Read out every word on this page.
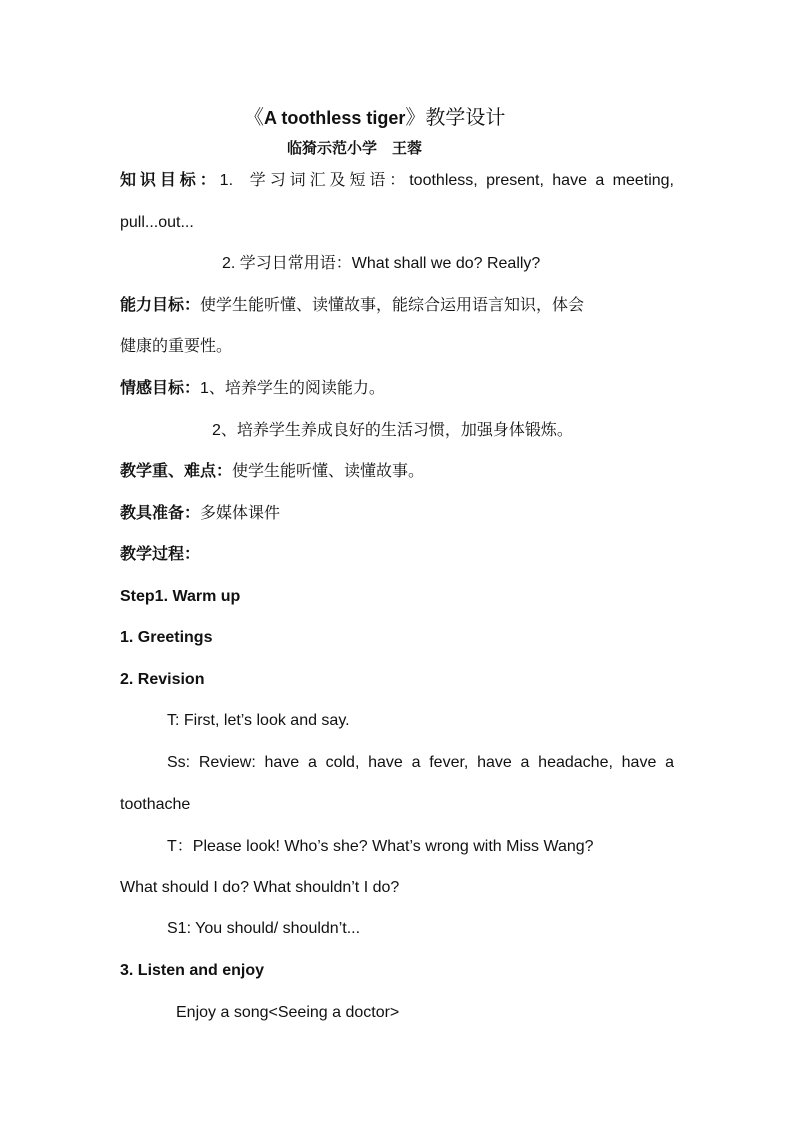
《A toothless tiger》教学设计
临猗示范小学　王蓉
知识目标：1. 学习词汇及短语：toothless, present, have a meeting,
pull...out...
2. 学习日常用语：What shall we do? Really?
能力目标：使学生能听懂、读懂故事，能综合运用语言知识，体会
健康的重要性。
情感目标：1、培养学生的阅读能力。
2、培养学生养成良好的生活习惯，加强身体锻炼。
教学重、难点：使学生能听懂、读懂故事。
教具准备：多媒体课件
教学过程：
Step1. Warm up
1. Greetings
2. Revision
T: First, let’s look and say.
Ss: Review: have a cold, have a fever, have a headache, have a
toothache
T：Please look! Who’s she? What’s wrong with Miss Wang?
What should I do? What shouldn’t I do?
S1: You should/ shouldn’t...
3. Listen and enjoy
Enjoy a song<Seeing a doctor>
